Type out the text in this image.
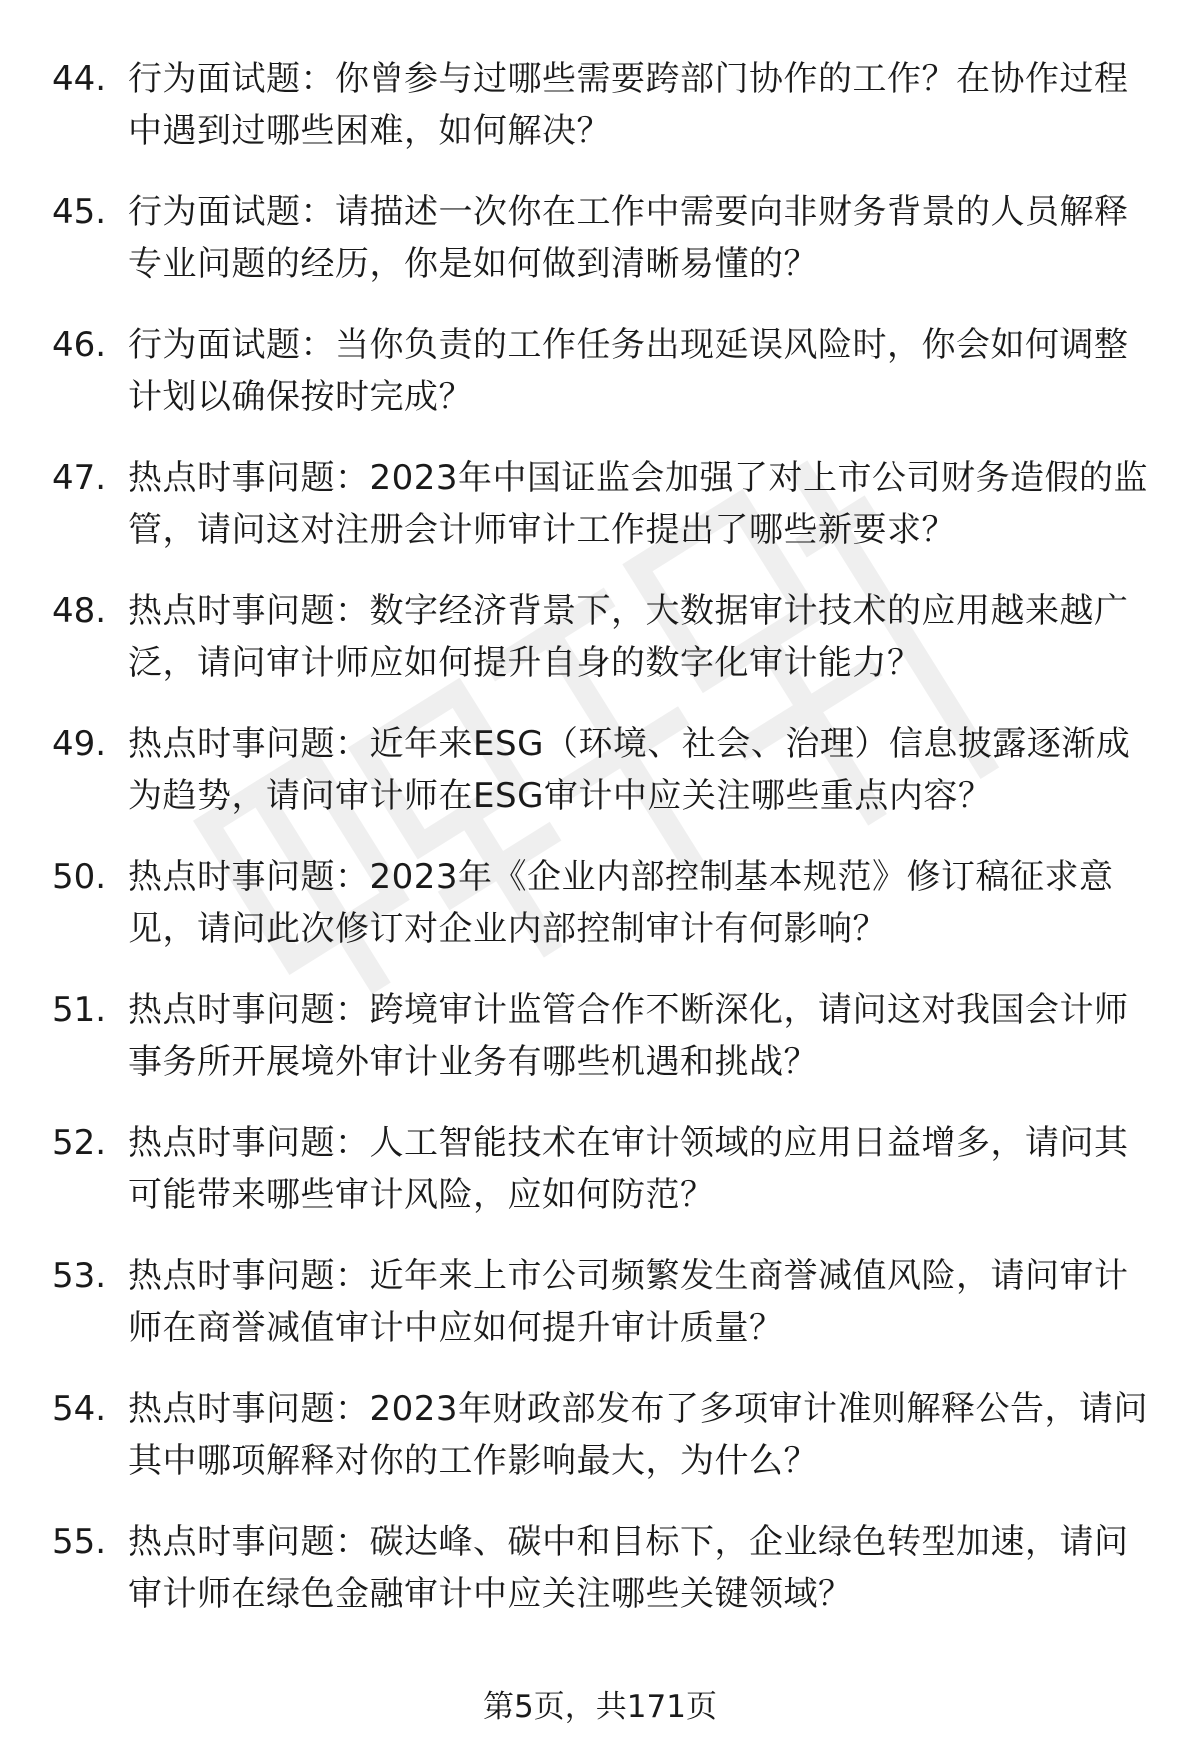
44. 行为面试题：你曾参与过哪些需要跨部门协作的工作？在协作过程中遇到过哪些困难，如何解决？
45. 行为面试题：请描述一次你在工作中需要向非财务背景的人员解释专业问题的经历，你是如何做到清晰易懂的？
46. 行为面试题：当你负责的工作任务出现延误风险时，你会如何调整计划以确保按时完成？
47. 热点时事问题：2023年中国证监会加强了对上市公司财务造假的监管，请问这对注册会计师审计工作提出了哪些新要求？
48. 热点时事问题：数字经济背景下，大数据审计技术的应用越来越广泛，请问审计师应如何提升自身的数字化审计能力？
49. 热点时事问题：近年来ESG（环境、社会、治理）信息披露逐渐成为趋势，请问审计师在ESG审计中应关注哪些重点内容？
50. 热点时事问题：2023年《企业内部控制基本规范》修订稿征求意见，请问此次修订对企业内部控制审计有何影响？
51. 热点时事问题：跨境审计监管合作不断深化，请问这对我国会计师事务所开展境外审计业务有哪些机遇和挑战？
52. 热点时事问题：人工智能技术在审计领域的应用日益增多，请问其可能带来哪些审计风险，应如何防范？
53. 热点时事问题：近年来上市公司频繁发生商誉减值风险，请问审计师在商誉减值审计中应如何提升审计质量？
54. 热点时事问题：2023年财政部发布了多项审计准则解释公告，请问其中哪项解释对你的工作影响最大，为什么？
55. 热点时事问题：碳达峰、碳中和目标下，企业绿色转型加速，请问审计师在绿色金融审计中应关注哪些关键领域？
第5页，共171页
